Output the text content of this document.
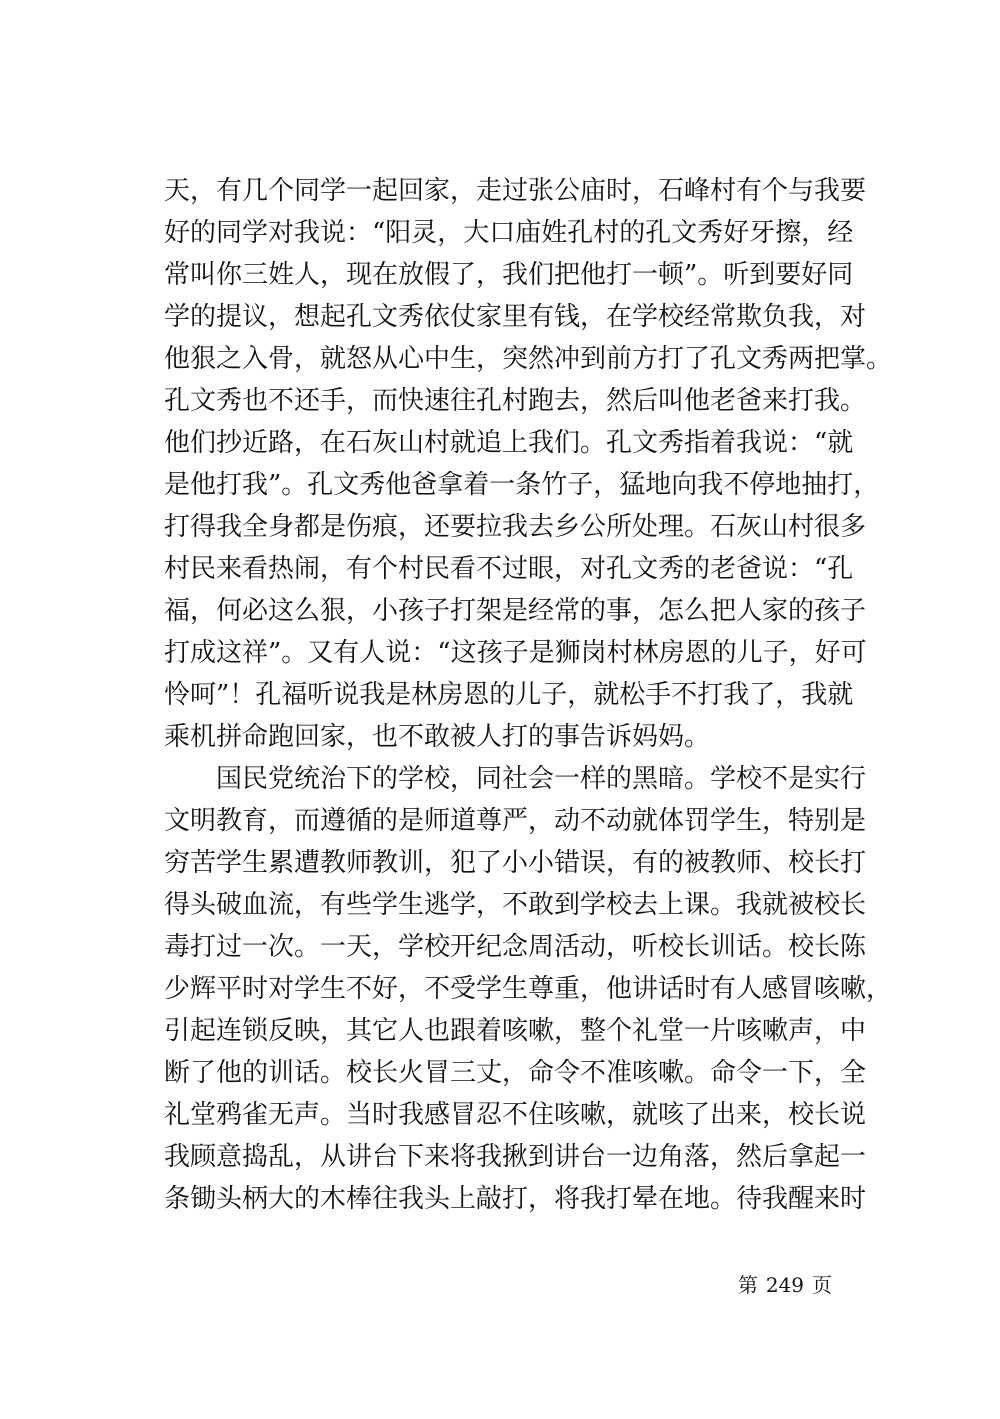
天，有几个同学一起回家，走过张公庙时，石峰村有个与我要
好的同学对我说：“阳灵，大口庙姓孔村的孔文秀好牙擦，经
常叫你三姓人，现在放假了，我们把他打一顿”。听到要好同
学的提议，想起孔文秀依仗家里有钱，在学校经常欺负我，对
他狠之入骨，就怒从心中生，突然冲到前方打了孔文秀两把掌。
孔文秀也不还手，而快速往孔村跑去，然后叫他老爸来打我。
他们抄近路，在石灰山村就追上我们。孔文秀指着我说：“就
是他打我”。孔文秀他爸拿着一条竹子，猛地向我不停地抽打，
打得我全身都是伤痕，还要拉我去乡公所处理。石灰山村很多
村民来看热闹，有个村民看不过眼，对孔文秀的老爸说：“孔
福，何必这么狠，小孩子打架是经常的事，怎么把人家的孩子
打成这祥”。又有人说：“这孩子是狮岗村林房恩的儿子，好可
怜呵”！孔福听说我是林房恩的儿子，就松手不打我了，我就
乘机拼命跑回家，也不敢被人打的事告诉妈妈。
国民党统治下的学校，同社会一样的黑暗。学校不是实行
文明教育，而遵循的是师道尊严，动不动就体罚学生，特别是
穷苦学生累遭教师教训，犯了小小错误，有的被教师、校长打
得头破血流，有些学生逃学，不敢到学校去上课。我就被校长
毒打过一次。一天，学校开纪念周活动，听校长训话。校长陈
少辉平时对学生不好，不受学生尊重，他讲话时有人感冒咳嗽，
引起连锁反映，其它人也跟着咳嗽，整个礼堂一片咳嗽声，中
断了他的训话。校长火冒三丈，命令不准咳嗽。命令一下，全
礼堂鸦雀无声。当时我感冒忍不住咳嗽，就咳了出来，校长说
我顾意捣乱，从讲台下来将我揪到讲台一边角落，然后拿起一
条锄头柄大的木棒往我头上敲打，将我打晕在地。待我醒来时
第 249 页
